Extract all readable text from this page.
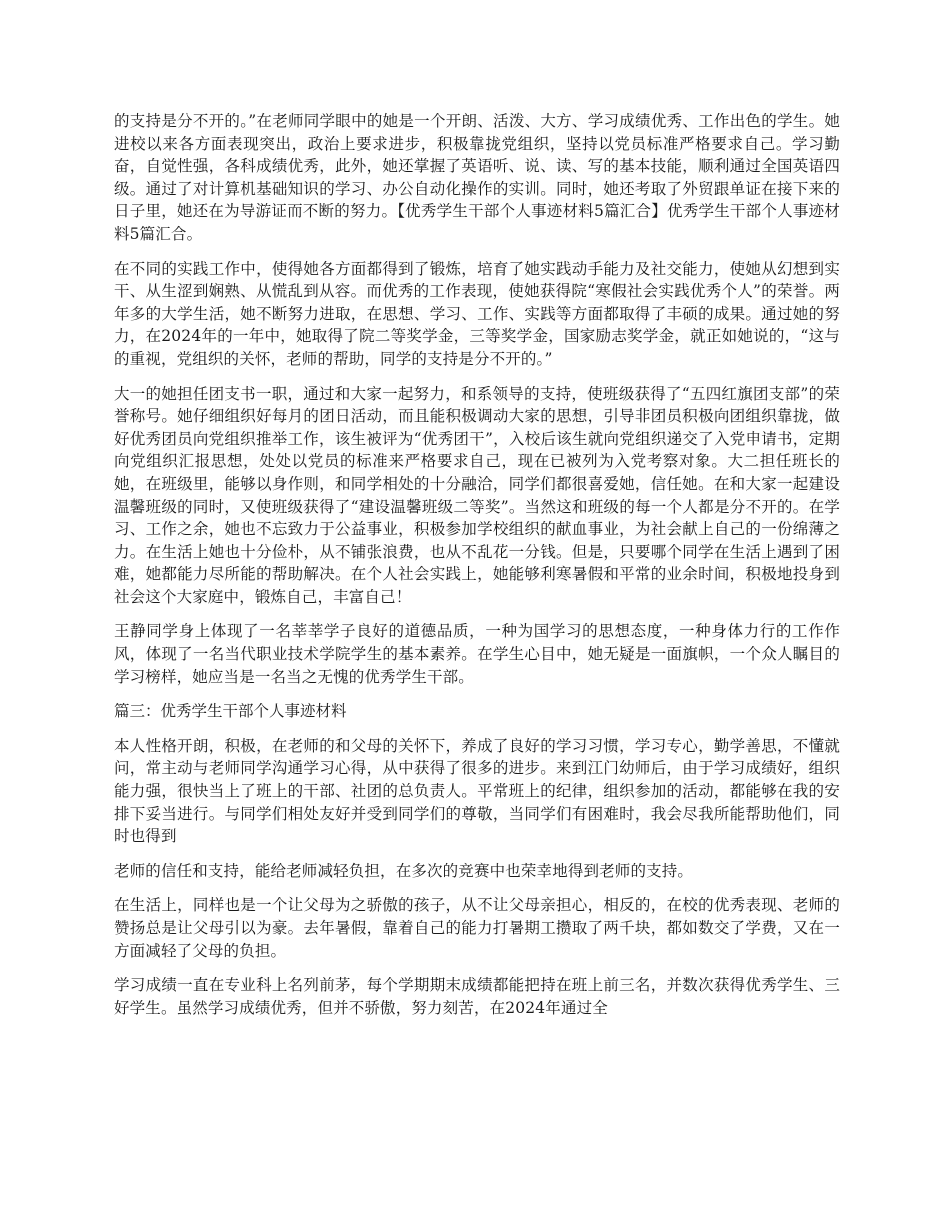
的支持是分不开的。”在老师同学眼中的她是一个开朗、活泼、大方、学习成绩优秀、工作出色的学生。她进校以来各方面表现突出，政治上要求进步，积极靠拢党组织，坚持以党员标准严格要求自己。学习勤奋，自觉性强，各科成绩优秀，此外，她还掌握了英语听、说、读、写的基本技能，顺利通过全国英语四级。通过了对计算机基础知识的学习、办公自动化操作的实训。同时，她还考取了外贸跟单证在接下来的日子里，她还在为导游证而不断的努力。【优秀学生干部个人事迹材料5篇汇合】优秀学生干部个人事迹材料5篇汇合。

在不同的实践工作中，使得她各方面都得到了锻炼，培育了她实践动手能力及社交能力，使她从幻想到实干、从生涩到娴熟、从慌乱到从容。而优秀的工作表现，使她获得院“寒假社会实践优秀个人”的荣誉。两年多的大学生活，她不断努力进取，在思想、学习、工作、实践等方面都取得了丰硕的成果。通过她的努力，在2024年的一年中，她取得了院二等奖学金，三等奖学金，国家励志奖学金，就正如她说的，“这与的重视，党组织的关怀，老师的帮助，同学的支持是分不开的。”

大一的她担任团支书一职，通过和大家一起努力，和系领导的支持，使班级获得了“五四红旗团支部”的荣誉称号。她仔细组织好每月的团日活动，而且能积极调动大家的思想，引导非团员积极向团组织靠拢，做好优秀团员向党组织推举工作，该生被评为“优秀团干”，入校后该生就向党组织递交了入党申请书，定期向党组织汇报思想，处处以党员的标准来严格要求自己，现在已被列为入党考察对象。大二担任班长的她，在班级里，能够以身作则，和同学相处的十分融洽，同学们都很喜爱她，信任她。在和大家一起建设温馨班级的同时，又使班级获得了“建设温馨班级二等奖”。当然这和班级的每一个人都是分不开的。在学习、工作之余，她也不忘致力于公益事业，积极参加学校组织的献血事业，为社会献上自己的一份绵薄之力。在生活上她也十分俭朴，从不铺张浪费，也从不乱花一分钱。但是，只要哪个同学在生活上遇到了困难，她都能力尽所能的帮助解决。在个人社会实践上，她能够利寒暑假和平常的业余时间，积极地投身到社会这个大家庭中，锻炼自己，丰富自己！

王静同学身上体现了一名莘莘学子良好的道德品质，一种为国学习的思想态度，一种身体力行的工作作风，体现了一名当代职业技术学院学生的基本素养。在学生心目中，她无疑是一面旗帜，一个众人瞩目的学习榜样，她应当是一名当之无愧的优秀学生干部。

篇三：优秀学生干部个人事迹材料

本人性格开朗，积极，在老师的和父母的关怀下，养成了良好的学习习惯，学习专心，勤学善思，不懂就问，常主动与老师同学沟通学习心得，从中获得了很多的进步。来到江门幼师后，由于学习成绩好，组织能力强，很快当上了班上的干部、社团的总负责人。平常班上的纪律，组织参加的活动，都能够在我的安排下妥当进行。与同学们相处友好并受到同学们的尊敬，当同学们有困难时，我会尽我所能帮助他们，同时也得到

老师的信任和支持，能给老师减轻负担，在多次的竞赛中也荣幸地得到老师的支持。

在生活上，同样也是一个让父母为之骄傲的孩子，从不让父母亲担心，相反的，在校的优秀表现、老师的赞扬总是让父母引以为豪。去年暑假，靠着自己的能力打暑期工攒取了两千块，都如数交了学费，又在一方面减轻了父母的负担。

学习成绩一直在专业科上名列前茅，每个学期期末成绩都能把持在班上前三名，并数次获得优秀学生、三好学生。虽然学习成绩优秀，但并不骄傲，努力刻苦，在2024年通过全
